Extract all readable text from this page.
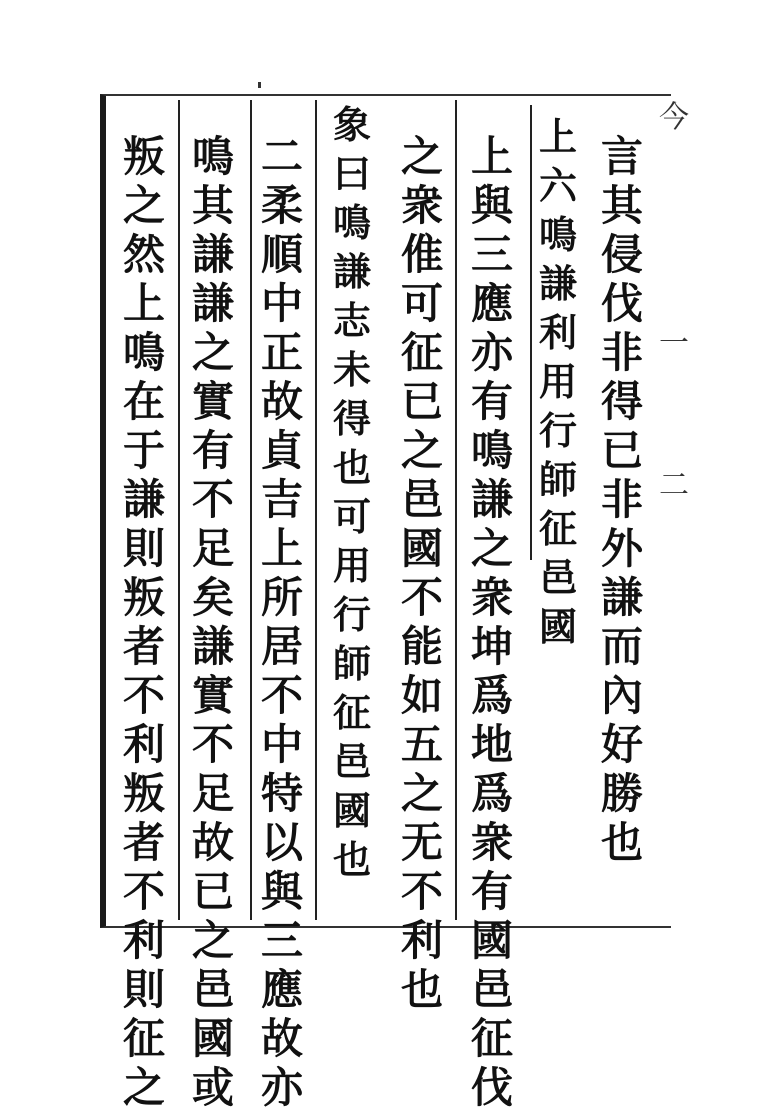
今
一
二
言
其
侵
伐
非
得
已
非
外
謙
而
內
好
勝
也
上
六
鳴
謙
利
用
行
師
征
邑
國
上
與
三
應
亦
有
鳴
謙
之
衆
坤
爲
地
爲
衆
有
國
邑
征
伐
之
衆
倠
可
征
已
之
邑
國
不
能
如
五
之
无
不
利
也
象
曰
鳴
謙
志
未
得
也
可
用
行
師
征
邑
國
也
二
柔
順
中
正
故
貞
吉
上
所
居
不
中
特
以
與
三
應
故
亦
鳴
其
謙
謙
之
實
有
不
足
矣
謙
實
不
足
故
已
之
邑
國
或
叛
之
然
上
鳴
在
于
謙
則
叛
者
不
利
叛
者
不
利
則
征
之
